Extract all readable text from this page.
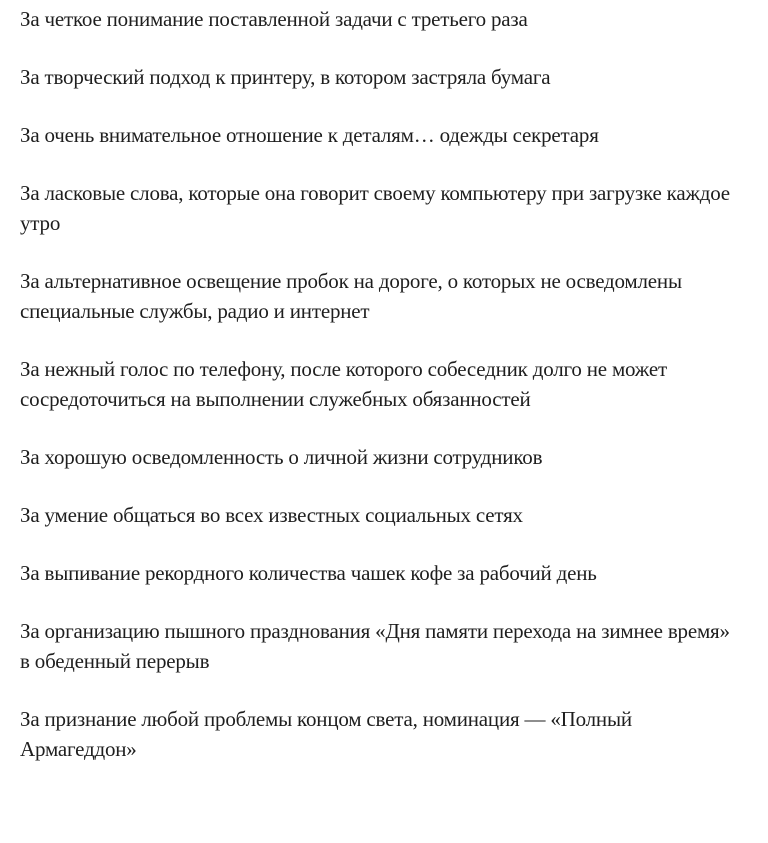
За четкое понимание поставленной задачи с третьего раза

За творческий подход к принтеру, в котором застряла бумага

За очень внимательное отношение к деталям… одежды секретаря

За ласковые слова, которые она говорит своему компьютеру при загрузке каждое утро

За альтернативное освещение пробок на дороге, о которых не осведомлены специальные службы, радио и интернет

За нежный голос по телефону, после которого собеседник долго не может сосредоточиться на выполнении служебных обязанностей

За хорошую осведомленность о личной жизни сотрудников

За умение общаться во всех известных социальных сетях

За выпивание рекордного количества чашек кофе за рабочий день

За организацию пышного празднования «Дня памяти перехода на зимнее время» в обеденный перерыв

За признание любой проблемы концом света, номинация — «Полный Армагеддон»
